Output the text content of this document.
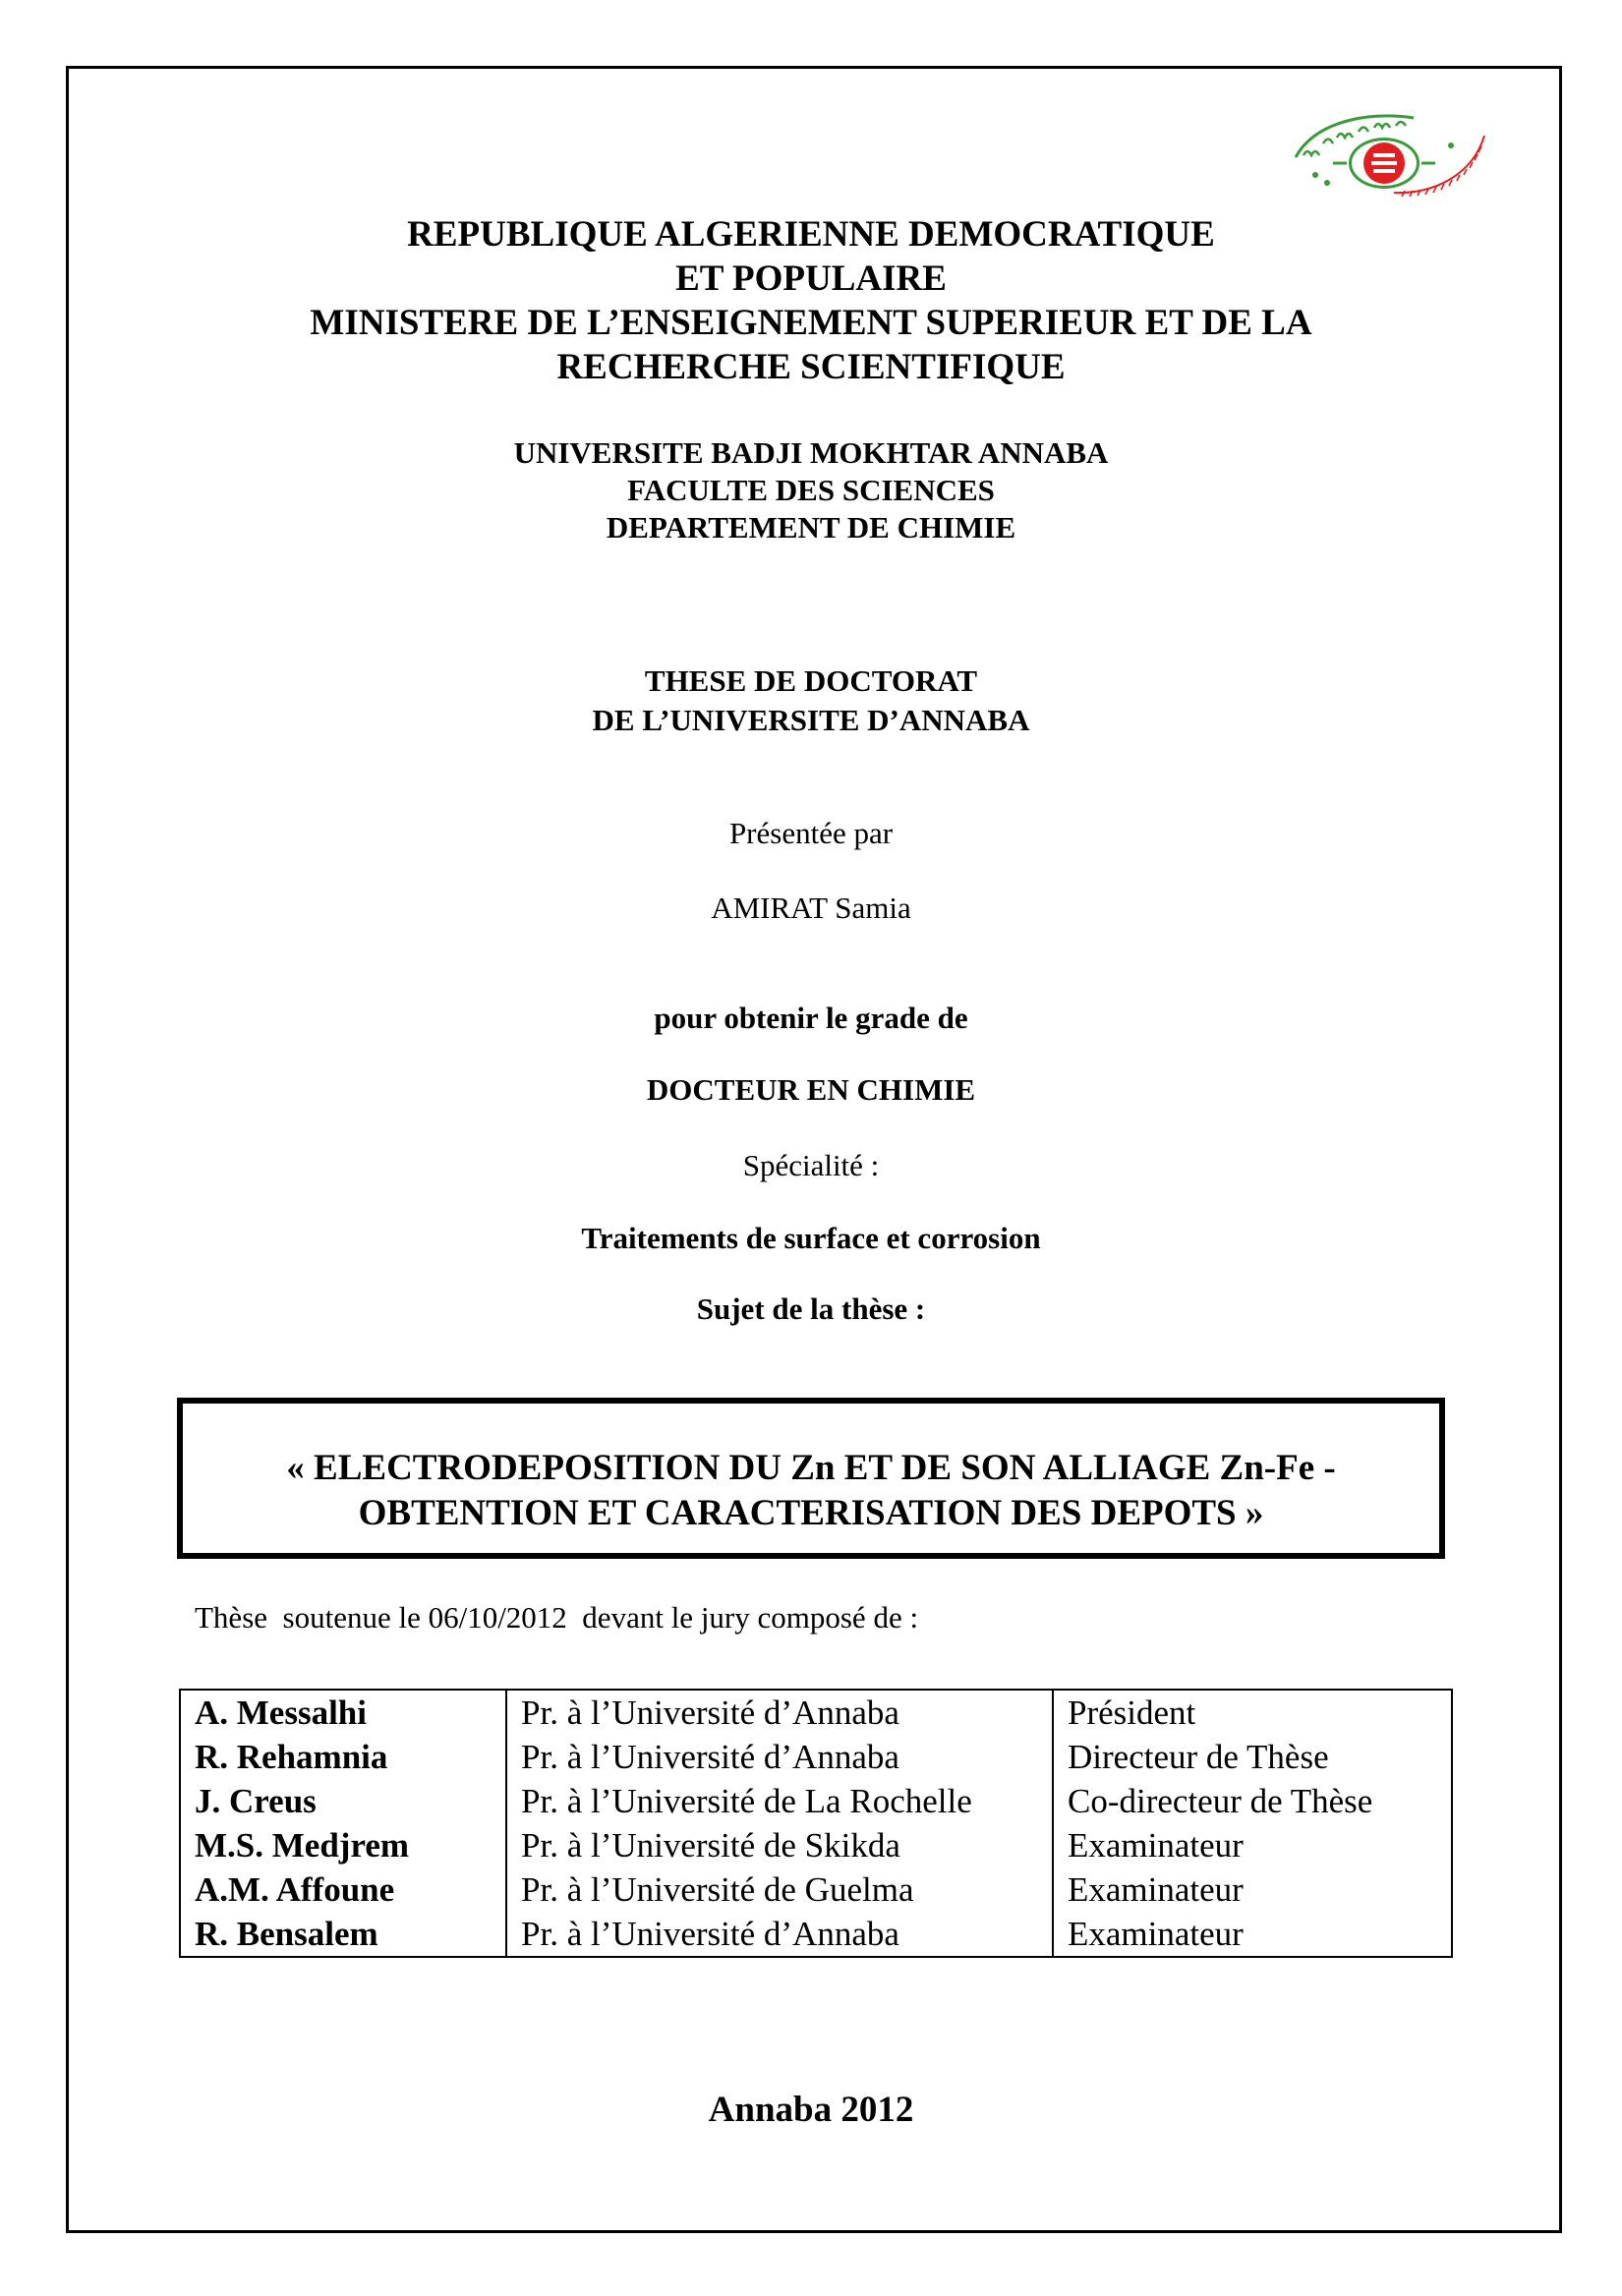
REPUBLIQUE ALGERIENNE DEMOCRATIQUE
ET POPULAIRE
MINISTERE DE L’ENSEIGNEMENT SUPERIEUR ET DE LA
RECHERCHE SCIENTIFIQUE
UNIVERSITE BADJI MOKHTAR ANNABA
FACULTE DES SCIENCES
DEPARTEMENT DE CHIMIE
THESE DE DOCTORAT
DE L’UNIVERSITE D’ANNABA
Présentée par
AMIRAT Samia
pour obtenir le grade de
DOCTEUR EN CHIMIE
Spécialité :
Traitements de surface et corrosion
Sujet de la thèse :
« ELECTRODEPOSITION DU Zn ET DE SON ALLIAGE Zn-Fe -
OBTENTION ET CARACTERISATION DES DEPOTS »
Thèse  soutenue le 06/10/2012  devant le jury composé de :
A. Messalhi	Pr. à l’Université d’Annaba	Président
R. Rehamnia	Pr. à l’Université d’Annaba	Directeur de Thèse
J. Creus	Pr. à l’Université de La Rochelle	Co-directeur de Thèse
M.S. Medjrem	Pr. à l’Université de Skikda	Examinateur
A.M. Affoune	Pr. à l’Université de Guelma	Examinateur
R. Bensalem	Pr. à l’Université d’Annaba	Examinateur
Annaba 2012
